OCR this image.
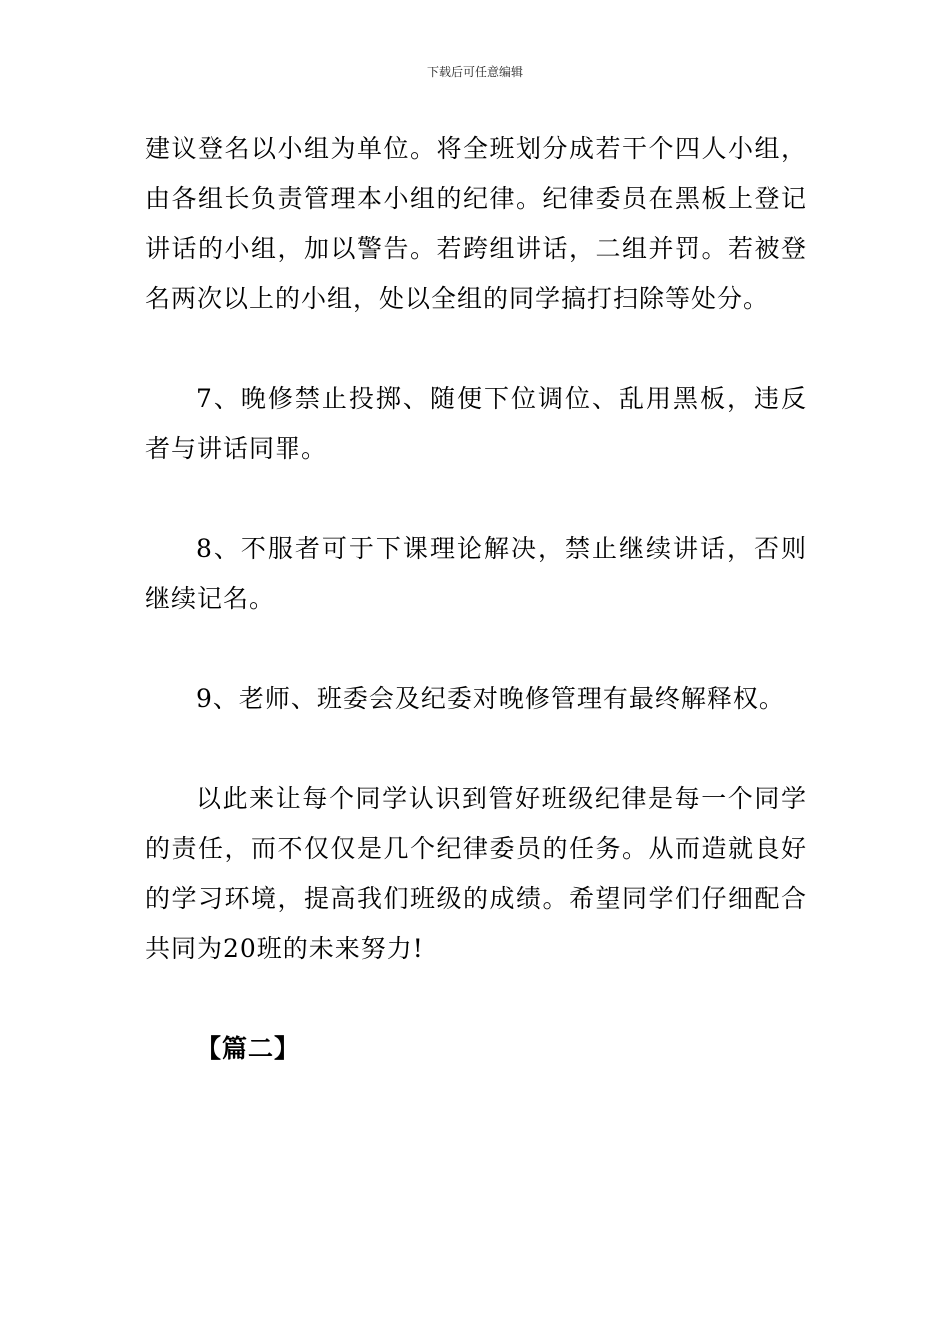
下载后可任意编辑

建议登名以小组为单位。将全班划分成若干个四人小组，由各组长负责管理本小组的纪律。纪律委员在黑板上登记讲话的小组，加以警告。若跨组讲话，二组并罚。若被登名两次以上的小组，处以全组的同学搞打扫除等处分。

7、晚修禁止投掷、随便下位调位、乱用黑板，违反者与讲话同罪。

8、不服者可于下课理论解决，禁止继续讲话，否则继续记名。

9、老师、班委会及纪委对晚修管理有最终解释权。

以此来让每个同学认识到管好班级纪律是每一个同学的责任，而不仅仅是几个纪律委员的任务。从而造就良好的学习环境，提高我们班级的成绩。希望同学们仔细配合共同为20班的未来努力!

【篇二】
